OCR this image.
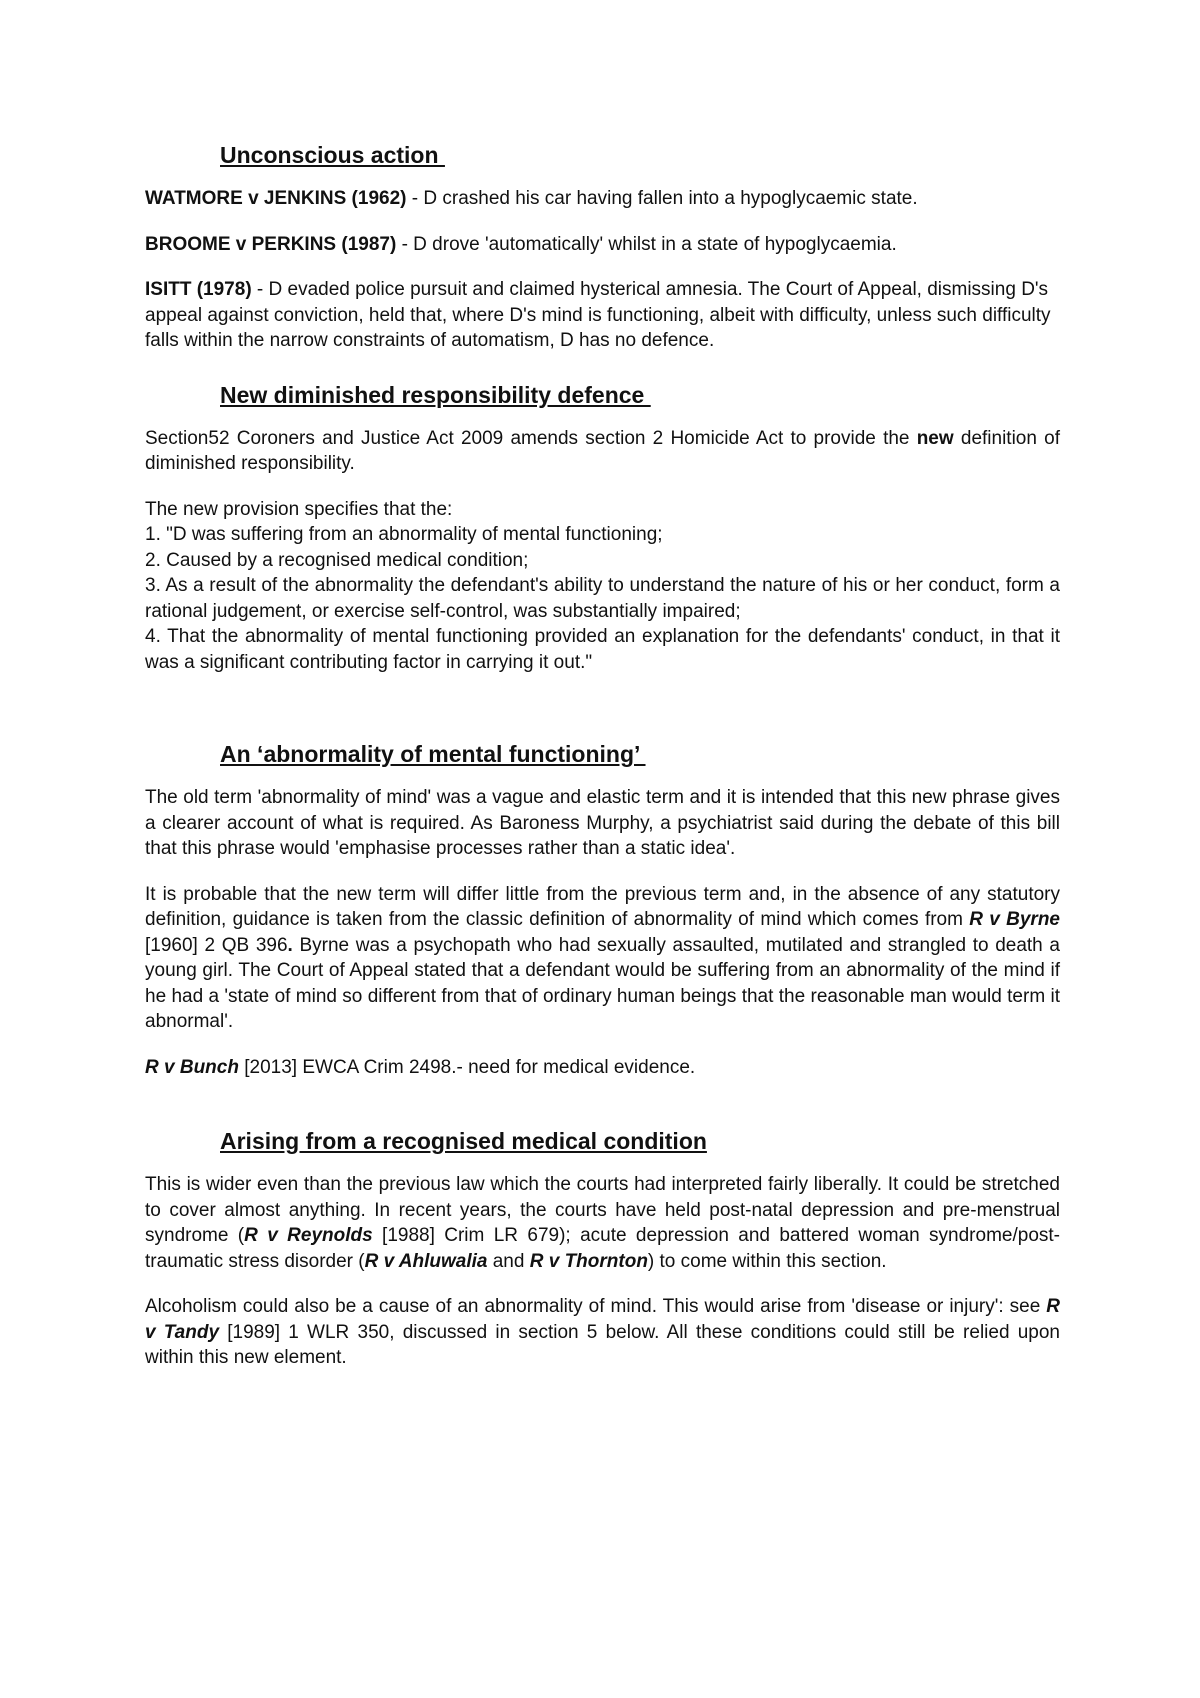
Unconscious action

WATMORE v JENKINS (1962) - D crashed his car having fallen into a hypoglycaemic state.

BROOME v PERKINS (1987) - D drove 'automatically' whilst in a state of hypoglycaemia.

ISITT (1978) - D evaded police pursuit and claimed hysterical amnesia. The Court of Appeal, dismissing D's appeal against conviction, held that, where D's mind is functioning, albeit with difficulty, unless such difficulty falls within the narrow constraints of automatism, D has no defence.

New diminished responsibility defence

Section52 Coroners and Justice Act 2009 amends section 2 Homicide Act to provide the new definition of diminished responsibility.

The new provision specifies that the:

1. "D was suffering from an abnormality of mental functioning;

2. Caused by a recognised medical condition;

3. As a result of the abnormality the defendant's ability to understand the nature of his or her conduct, form a rational judgement, or exercise self-control, was substantially impaired;

4. That the abnormality of mental functioning provided an explanation for the defendants' conduct, in that it was a significant contributing factor in carrying it out."

An ‘abnormality of mental functioning’

The old term 'abnormality of mind' was a vague and elastic term and it is intended that this new phrase gives a clearer account of what is required. As Baroness Murphy, a psychiatrist said during the debate of this bill that this phrase would 'emphasise processes rather than a static idea'.

It is probable that the new term will differ little from the previous term and, in the absence of any statutory definition, guidance is taken from the classic definition of abnormality of mind which comes from R v Byrne [1960] 2 QB 396. Byrne was a psychopath who had sexually assaulted, mutilated and strangled to death a young girl. The Court of Appeal stated that a defendant would be suffering from an abnormality of the mind if he had a 'state of mind so different from that of ordinary human beings that the reasonable man would term it abnormal'.

R v Bunch [2013] EWCA Crim 2498.- need for medical evidence.

Arising from a recognised medical condition

This is wider even than the previous law which the courts had interpreted fairly liberally. It could be stretched to cover almost anything. In recent years, the courts have held post-natal depression and pre-menstrual syndrome (R v Reynolds [1988] Crim LR 679); acute depression and battered woman syndrome/post-traumatic stress disorder (R v Ahluwalia and R v Thornton) to come within this section.

Alcoholism could also be a cause of an abnormality of mind. This would arise from 'disease or injury': see R v Tandy [1989] 1 WLR 350, discussed in section 5 below. All these conditions could still be relied upon within this new element.
